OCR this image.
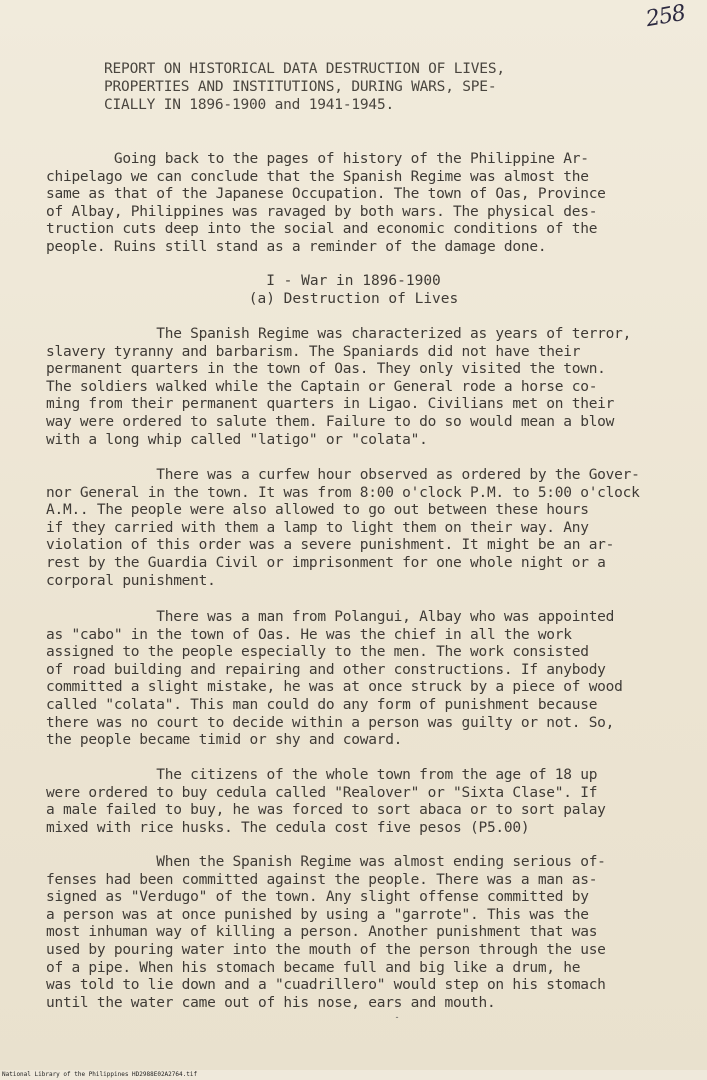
258
REPORT ON HISTORICAL DATA DESTRUCTION OF LIVES,
PROPERTIES AND INSTITUTIONS, DURING WARS, SPE-
CIALLY IN 1896-1900 and 1941-1945.
Going back to the pages of history of the Philippine Ar-
chipelago we can conclude that the Spanish Regime was almost the
same as that of the Japanese Occupation. The town of Oas, Province
of Albay, Philippines was ravaged by both wars. The physical des-
truction cuts deep into the social and economic conditions of the
people. Ruins still stand as a reminder of the damage done.
I - War in 1896-1900
(a) Destruction of Lives
The Spanish Regime was characterized as years of terror,
slavery tyranny and barbarism. The Spaniards did not have their
permanent quarters in the town of Oas. They only visited the town.
The soldiers walked while the Captain or General rode a horse co-
ming from their permanent quarters in Ligao. Civilians met on their
way were ordered to salute them. Failure to do so would mean a blow
with a long whip called "latigo" or "colata".
There was a curfew hour observed as ordered by the Gover-
nor General in the town. It was from 8:00 o'clock P.M. to 5:00 o'clock
A.M.. The people were also allowed to go out between these hours
if they carried with them a lamp to light them on their way. Any
violation of this order was a severe punishment. It might be an ar-
rest by the Guardia Civil or imprisonment for one whole night or a
corporal punishment.
There was a man from Polangui, Albay who was appointed
as "cabo" in the town of Oas. He was the chief in all the work
assigned to the people especially to the men. The work consisted
of road building and repairing and other constructions. If anybody
committed a slight mistake, he was at once struck by a piece of wood
called "colata". This man could do any form of punishment because
there was no court to decide within a person was guilty or not. So,
the people became timid or shy and coward.
The citizens of the whole town from the age of 18 up
were ordered to buy cedula called "Realover" or "Sixta Clase". If
a male failed to buy, he was forced to sort abaca or to sort palay
mixed with rice husks. The cedula cost five pesos (P5.00)
When the Spanish Regime was almost ending serious of-
fenses had been committed against the people. There was a man as-
signed as "Verdugo" of the town. Any slight offense committed by
a person was at once punished by using a "garrote". This was the
most inhuman way of killing a person. Another punishment that was
used by pouring water into the mouth of the person through the use
of a pipe. When his stomach became full and big like a drum, he
was told to lie down and a "cuadrillero" would step on his stomach
until the water came out of his nose, ears and mouth.
˗
National Library of the Philippines HD2988E02A2764.tif
